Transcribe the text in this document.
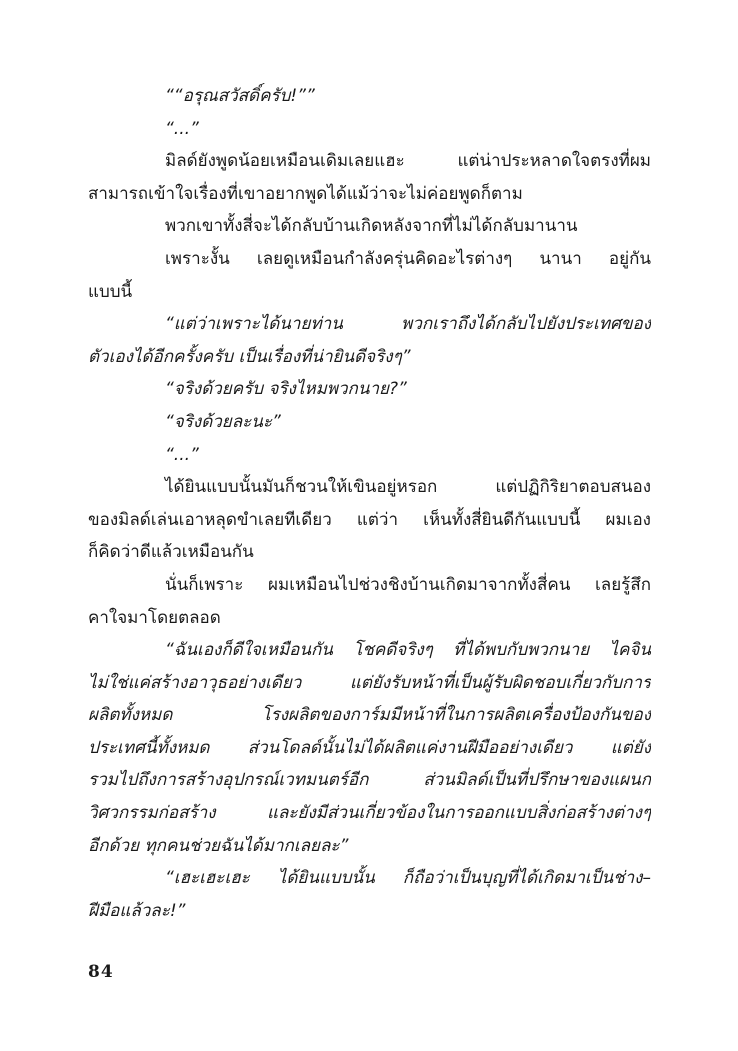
““อรุณสวัสดิ์ครับ!””
“...”
มิลด์ยังพูดน้อยเหมือนเดิมเลยแฮะ แต่น่าประหลาดใจตรงที่ผม
สามารถเข้าใจเรื่องที่เขาอยากพูดได้แม้ว่าจะไม่ค่อยพูดก็ตาม
พวกเขาทั้งสี่จะได้กลับบ้านเกิดหลังจากที่ไม่ได้กลับมานาน
เพราะงั้น เลยดูเหมือนกำลังครุ่นคิดอะไรต่างๆ นานา อยู่กัน
แบบนี้
“แต่ว่าเพราะได้นายท่าน พวกเราถึงได้กลับไปยังประเทศของ
ตัวเองได้อีกครั้งครับ เป็นเรื่องที่น่ายินดีจริงๆ”
“จริงด้วยครับ จริงไหมพวกนาย?”
“จริงด้วยละนะ”
“...”
ได้ยินแบบนั้นมันก็ชวนให้เขินอยู่หรอก แต่ปฏิกิริยาตอบสนอง
ของมิลด์เล่นเอาหลุดขำเลยทีเดียว แต่ว่า เห็นทั้งสี่ยินดีกันแบบนี้ ผมเอง
ก็คิดว่าดีแล้วเหมือนกัน
นั่นก็เพราะ ผมเหมือนไปช่วงชิงบ้านเกิดมาจากทั้งสี่คน เลยรู้สึก
คาใจมาโดยตลอด
“ฉันเองก็ดีใจเหมือนกัน โชคดีจริงๆ ที่ได้พบกับพวกนาย ไคจิน
ไม่ใช่แค่สร้างอาวุธอย่างเดียว แต่ยังรับหน้าที่เป็นผู้รับผิดชอบเกี่ยวกับการ
ผลิตทั้งหมด โรงผลิตของการ์มมีหน้าที่ในการผลิตเครื่องป้องกันของ
ประเทศนี้ทั้งหมด ส่วนโดลด์นั้นไม่ได้ผลิตแค่งานฝีมืออย่างเดียว แต่ยัง
รวมไปถึงการสร้างอุปกรณ์เวทมนตร์อีก ส่วนมิลด์เป็นที่ปรึกษาของแผนก
วิศวกรรมก่อสร้าง และยังมีส่วนเกี่ยวข้องในการออกแบบสิ่งก่อสร้างต่างๆ
อีกด้วย ทุกคนช่วยฉันได้มากเลยละ”
“เฮะเฮะเฮะ ได้ยินแบบนั้น ก็ถือว่าเป็นบุญที่ได้เกิดมาเป็นช่าง–
ฝีมือแล้วละ!”
84
